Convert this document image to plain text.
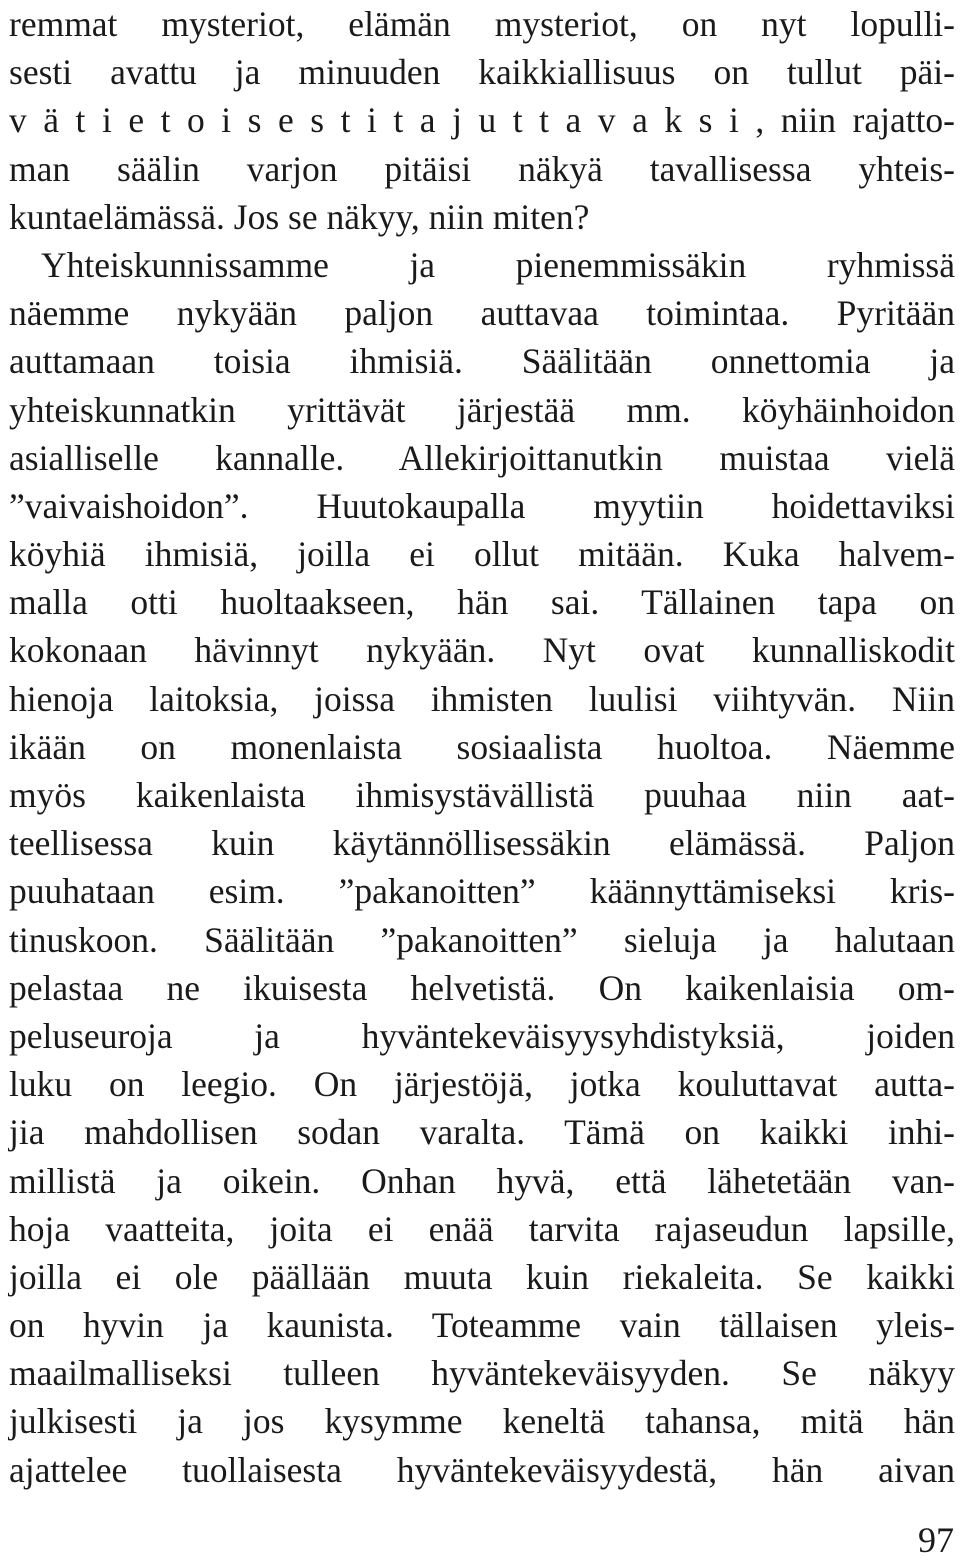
remmat mysteriot, elämän mysteriot, on nyt lopulli-
sesti avattu ja minuuden kaikkiallisuus on tullut päi-
v ä t i e t o i s e s t i t a j u t t a v a k s i , niin rajatto-
man säälin varjon pitäisi näkyä tavallisessa yhteis-
kuntaelämässä. Jos se näkyy, niin miten?
Yhteiskunnissamme ja pienemmissäkin ryhmissä
näemme nykyään paljon auttavaa toimintaa. Pyritään
auttamaan toisia ihmisiä. Säälitään onnettomia ja
yhteiskunnatkin yrittävät järjestää mm. köyhäinhoidon
asialliselle kannalle. Allekirjoittanutkin muistaa vielä
”vaivaishoidon”. Huutokaupalla myytiin hoidettaviksi
köyhiä ihmisiä, joilla ei ollut mitään. Kuka halvem-
malla otti huoltaakseen, hän sai. Tällainen tapa on
kokonaan hävinnyt nykyään. Nyt ovat kunnalliskodit
hienoja laitoksia, joissa ihmisten luulisi viihtyvän. Niin
ikään on monenlaista sosiaalista huoltoa. Näemme
myös kaikenlaista ihmisystävällistä puuhaa niin aat-
teellisessa kuin käytännöllisessäkin elämässä. Paljon
puuhataan esim. ”pakanoitten” käännyttämiseksi kris-
tinuskoon. Säälitään ”pakanoitten” sieluja ja halutaan
pelastaa ne ikuisesta helvetistä. On kaikenlaisia om-
peluseuroja ja hyväntekeväisyysyhdistyksiä, joiden
luku on leegio. On järjestöjä, jotka kouluttavat autta-
jia mahdollisen sodan varalta. Tämä on kaikki inhi-
millistä ja oikein. Onhan hyvä, että lähetetään van-
hoja vaatteita, joita ei enää tarvita rajaseudun lapsille,
joilla ei ole päällään muuta kuin riekaleita. Se kaikki
on hyvin ja kaunista. Toteamme vain tällaisen yleis-
maailmalliseksi tulleen hyväntekeväisyyden. Se näkyy
julkisesti ja jos kysymme keneltä tahansa, mitä hän
ajattelee tuollaisesta hyväntekeväisyydestä, hän aivan
97
